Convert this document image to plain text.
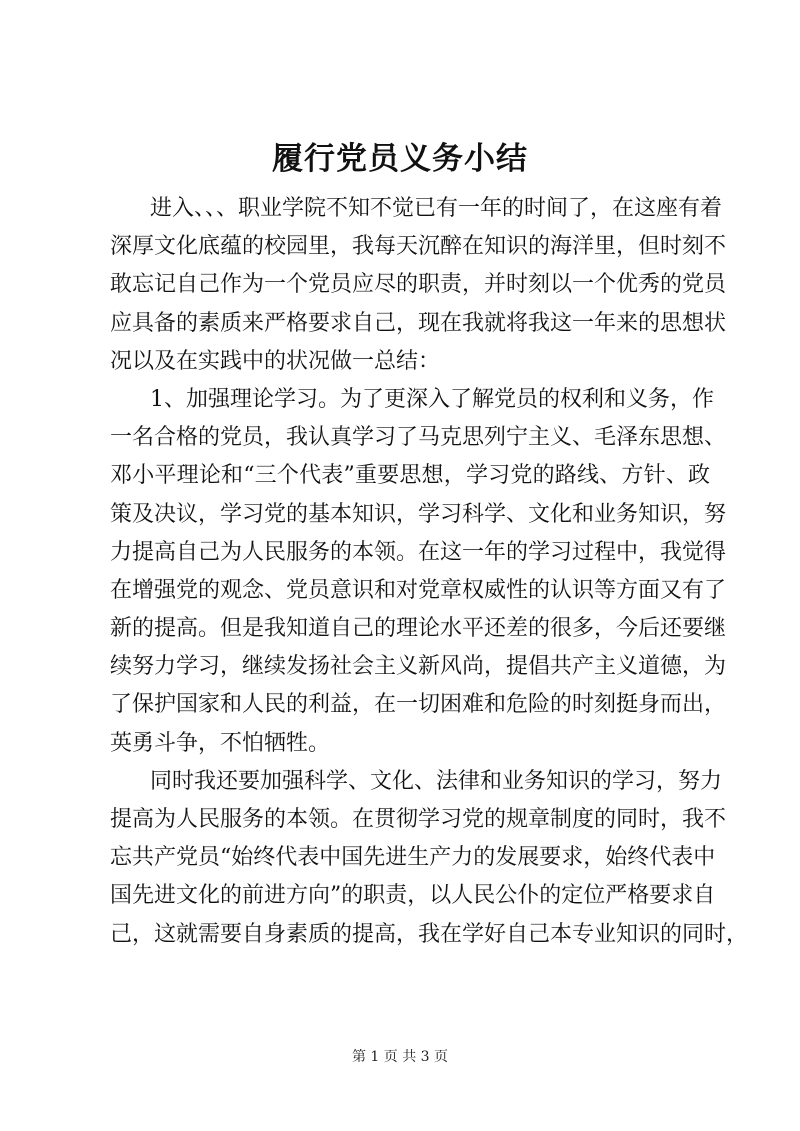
履行党员义务小结
进入、、、职业学院不知不觉已有一年的时间了，在这座有着
深厚文化底蕴的校园里，我每天沉醉在知识的海洋里，但时刻不
敢忘记自己作为一个党员应尽的职责，并时刻以一个优秀的党员
应具备的素质来严格要求自己，现在我就将我这一年来的思想状
况以及在实践中的状况做一总结：
1、加强理论学习。为了更深入了解党员的权利和义务，作
一名合格的党员，我认真学习了马克思列宁主义、毛泽东思想、
邓小平理论和“三个代表”重要思想，学习党的路线、方针、政
策及决议，学习党的基本知识，学习科学、文化和业务知识，努
力提高自己为人民服务的本领。在这一年的学习过程中，我觉得
在增强党的观念、党员意识和对党章权威性的认识等方面又有了
新的提高。但是我知道自己的理论水平还差的很多，今后还要继
续努力学习，继续发扬社会主义新风尚，提倡共产主义道德，为
了保护国家和人民的利益，在一切困难和危险的时刻挺身而出，
英勇斗争，不怕牺牲。
同时我还要加强科学、文化、法律和业务知识的学习，努力
提高为人民服务的本领。在贯彻学习党的规章制度的同时，我不
忘共产党员“始终代表中国先进生产力的发展要求，始终代表中
国先进文化的前进方向”的职责，以人民公仆的定位严格要求自
己，这就需要自身素质的提高，我在学好自己本专业知识的同时，
第 1 页 共 3 页
